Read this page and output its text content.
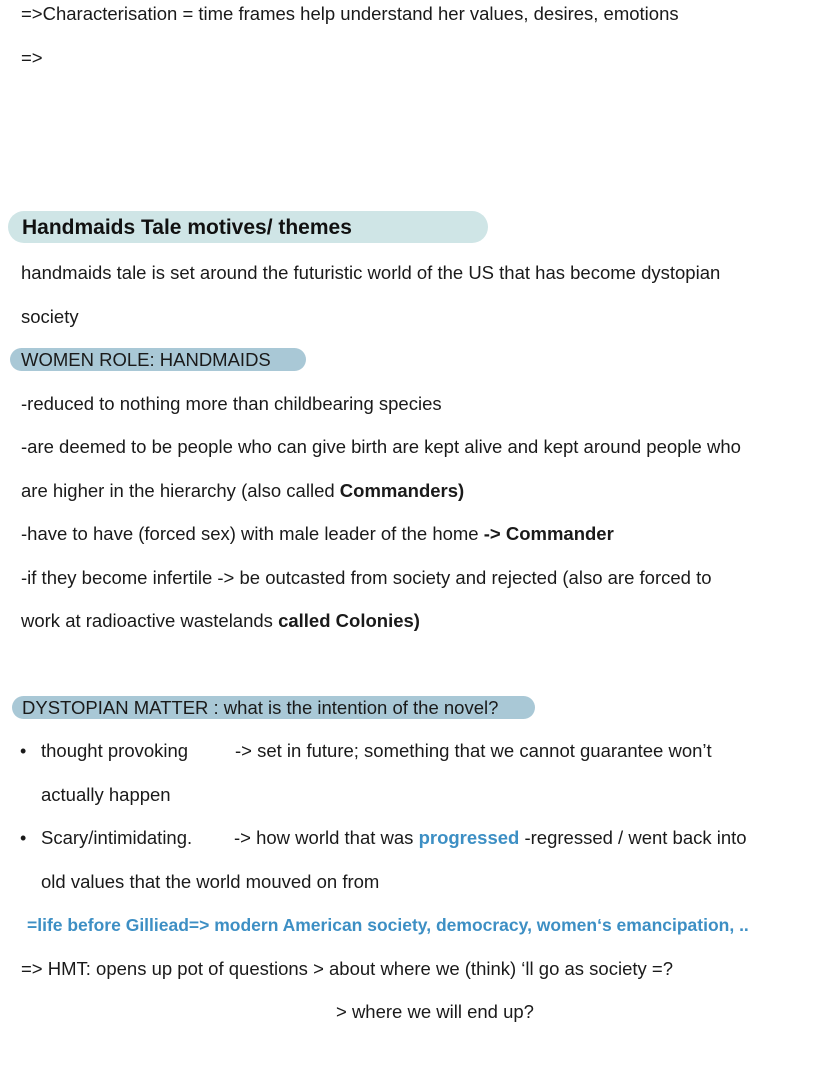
=>Characterisation = time frames help understand her values, desires, emotions
=>
Handmaids Tale motives/ themes
handmaids tale is set around the futuristic world of the US that has become dystopian
society
WOMEN ROLE: HANDMAIDS
-reduced to nothing more than childbearing species
-are deemed to be people who can give birth are kept alive and kept around people who
are higher in the hierarchy (also called Commanders)
-have to have (forced sex) with male leader of the home -> Commander
-if they become infertile -> be outcasted from society and rejected (also are forced to
work at radioactive wastelands called Colonies)
DYSTOPIAN MATTER : what is the intention of the novel?
• thought provoking	-> set in future; something that we cannot guarantee won’t
actually happen
• Scary/intimidating. -> how world that was progressed -regressed / went back into
old values that the world mouved on from
=life before Gilliead=> modern American society, democracy, women‘s emancipation, ..
=> HMT: opens up pot of questions > about where we (think) ‘ll go as society =?
> where we will end up?
